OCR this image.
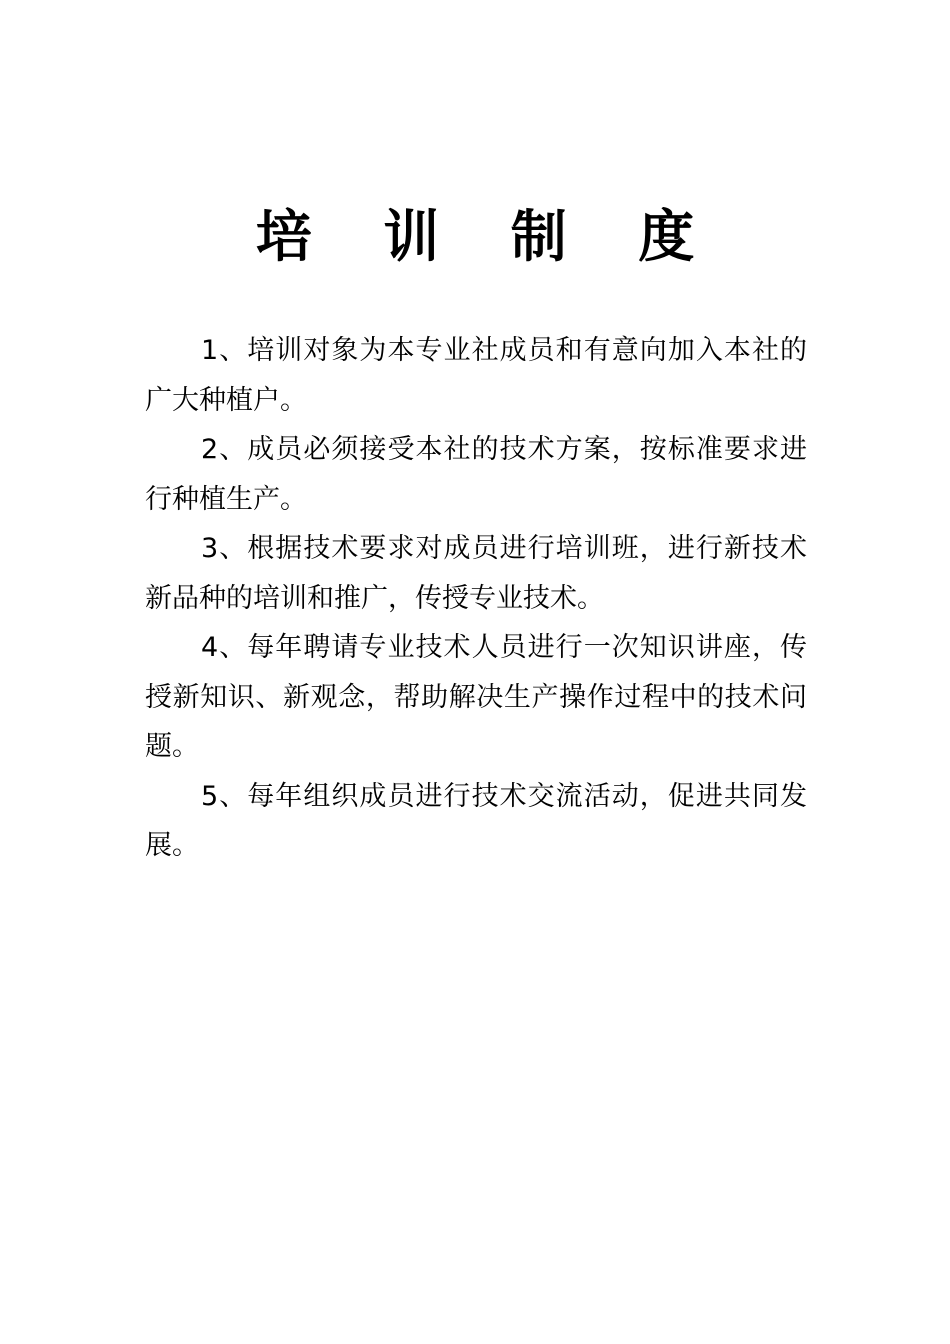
培 训 制 度

1、培训对象为本专业社成员和有意向加入本社的广大种植户。

2、成员必须接受本社的技术方案，按标准要求进行种植生产。

3、根据技术要求对成员进行培训班，进行新技术新品种的培训和推广，传授专业技术。

4、每年聘请专业技术人员进行一次知识讲座，传授新知识、新观念，帮助解决生产操作过程中的技术问题。

5、每年组织成员进行技术交流活动，促进共同发展。
